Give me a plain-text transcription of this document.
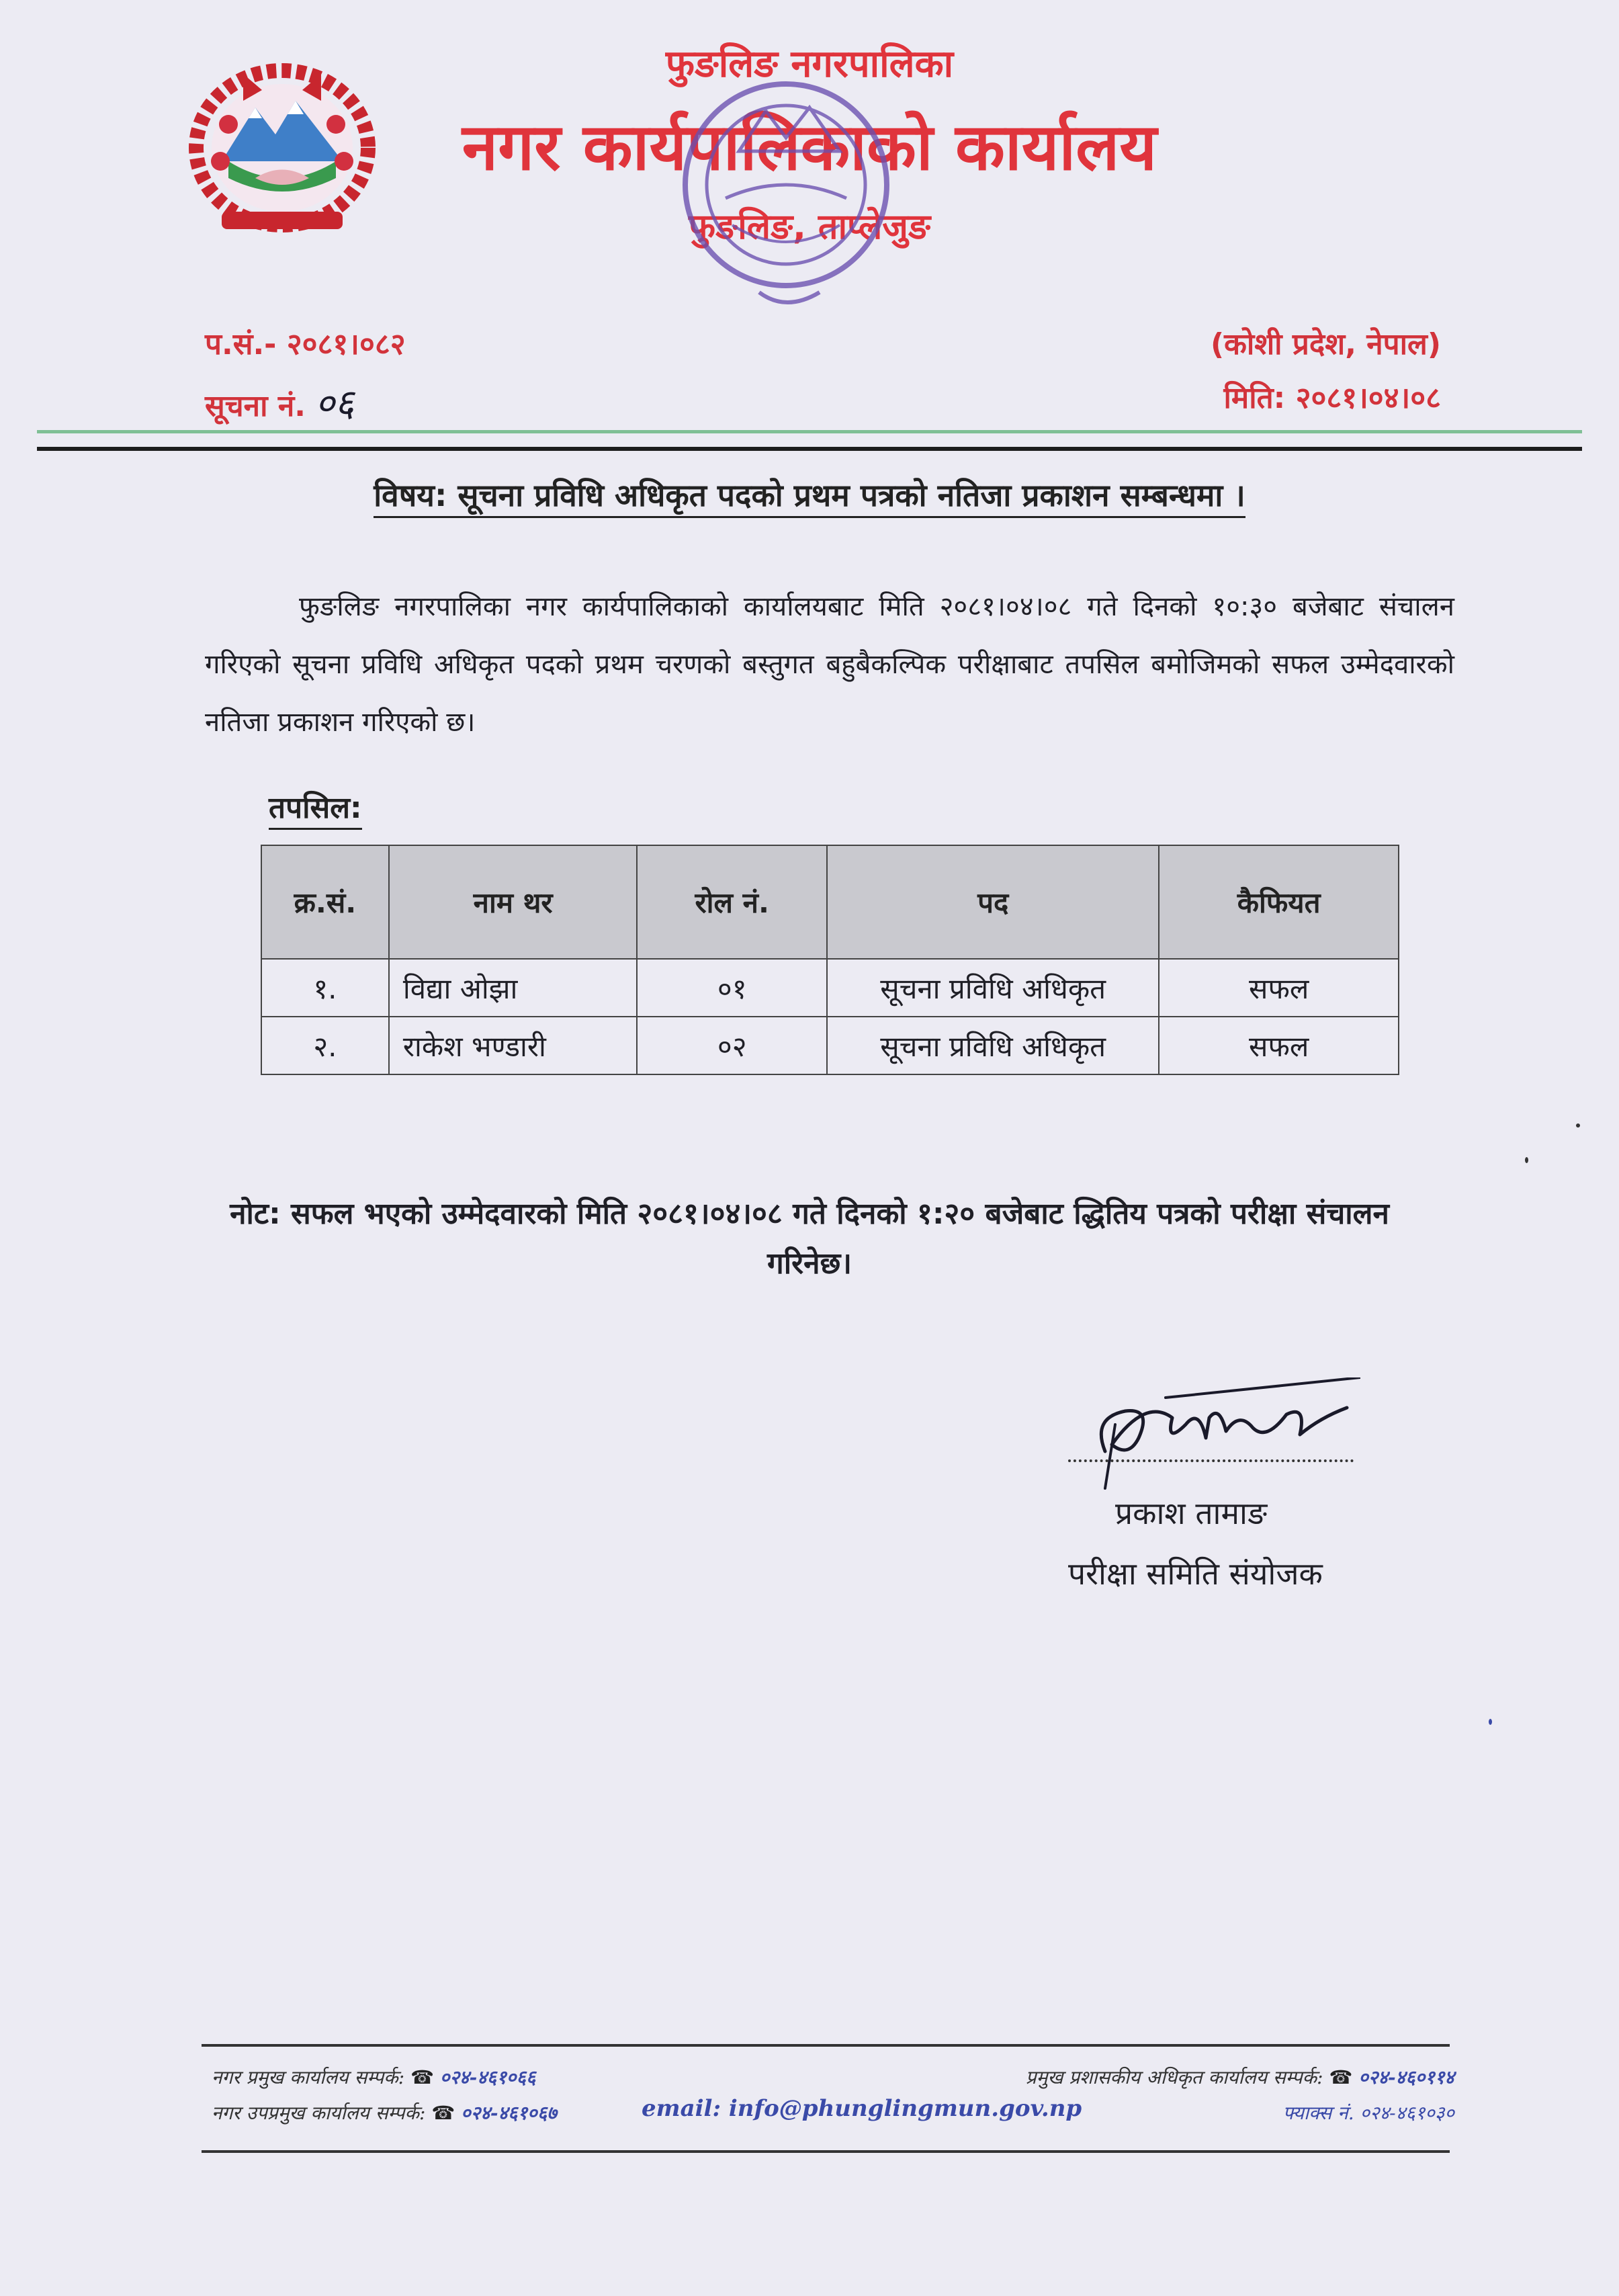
फुङलिङ नगरपालिका
नगर कार्यपालिकाको कार्यालय
फुङलिङ, ताप्लेजुङ
प.सं.- २०८१।०८२
सूचना नं. ०६
(कोशी प्रदेश, नेपाल)
मिति: २०८१।०४।०८
विषय: सूचना प्रविधि अधिकृत पदको प्रथम पत्रको नतिजा प्रकाशन सम्बन्धमा ।
फुङलिङ नगरपालिका नगर कार्यपालिकाको कार्यालयबाट मिति २०८१।०४।०८ गते दिनको १०:३० बजेबाट संचालन गरिएको सूचना प्रविधि अधिकृत पदको प्रथम चरणको बस्तुगत बहुबैकल्पिक परीक्षाबाट तपसिल बमोजिमको सफल उम्मेदवारको नतिजा प्रकाशन गरिएको छ।
तपसिल:
क्र.सं.	नाम थर	रोल नं.	पद	कैफियत
१.	विद्या ओझा	०१	सूचना प्रविधि अधिकृत	सफल
२.	राकेश भण्डारी	०२	सूचना प्रविधि अधिकृत	सफल
नोट: सफल भएको उम्मेदवारको मिति २०८१।०४।०८ गते दिनको १:२० बजेबाट द्धितिय पत्रको परीक्षा संचालन गरिनेछ।
प्रकाश तामाङ
परीक्षा समिति संयोजक
नगर प्रमुख कार्यालय सम्पर्क: ☎ ०२४-४६१०६६
नगर उपप्रमुख कार्यालय सम्पर्क: ☎ ०२४-४६१०६७	email: info@phunglingmun.gov.np
प्रमुख प्रशासकीय अधिकृत कार्यालय सम्पर्क: ☎ ०२४-४६०११४
फ्याक्स नं. ०२४-४६१०३०
